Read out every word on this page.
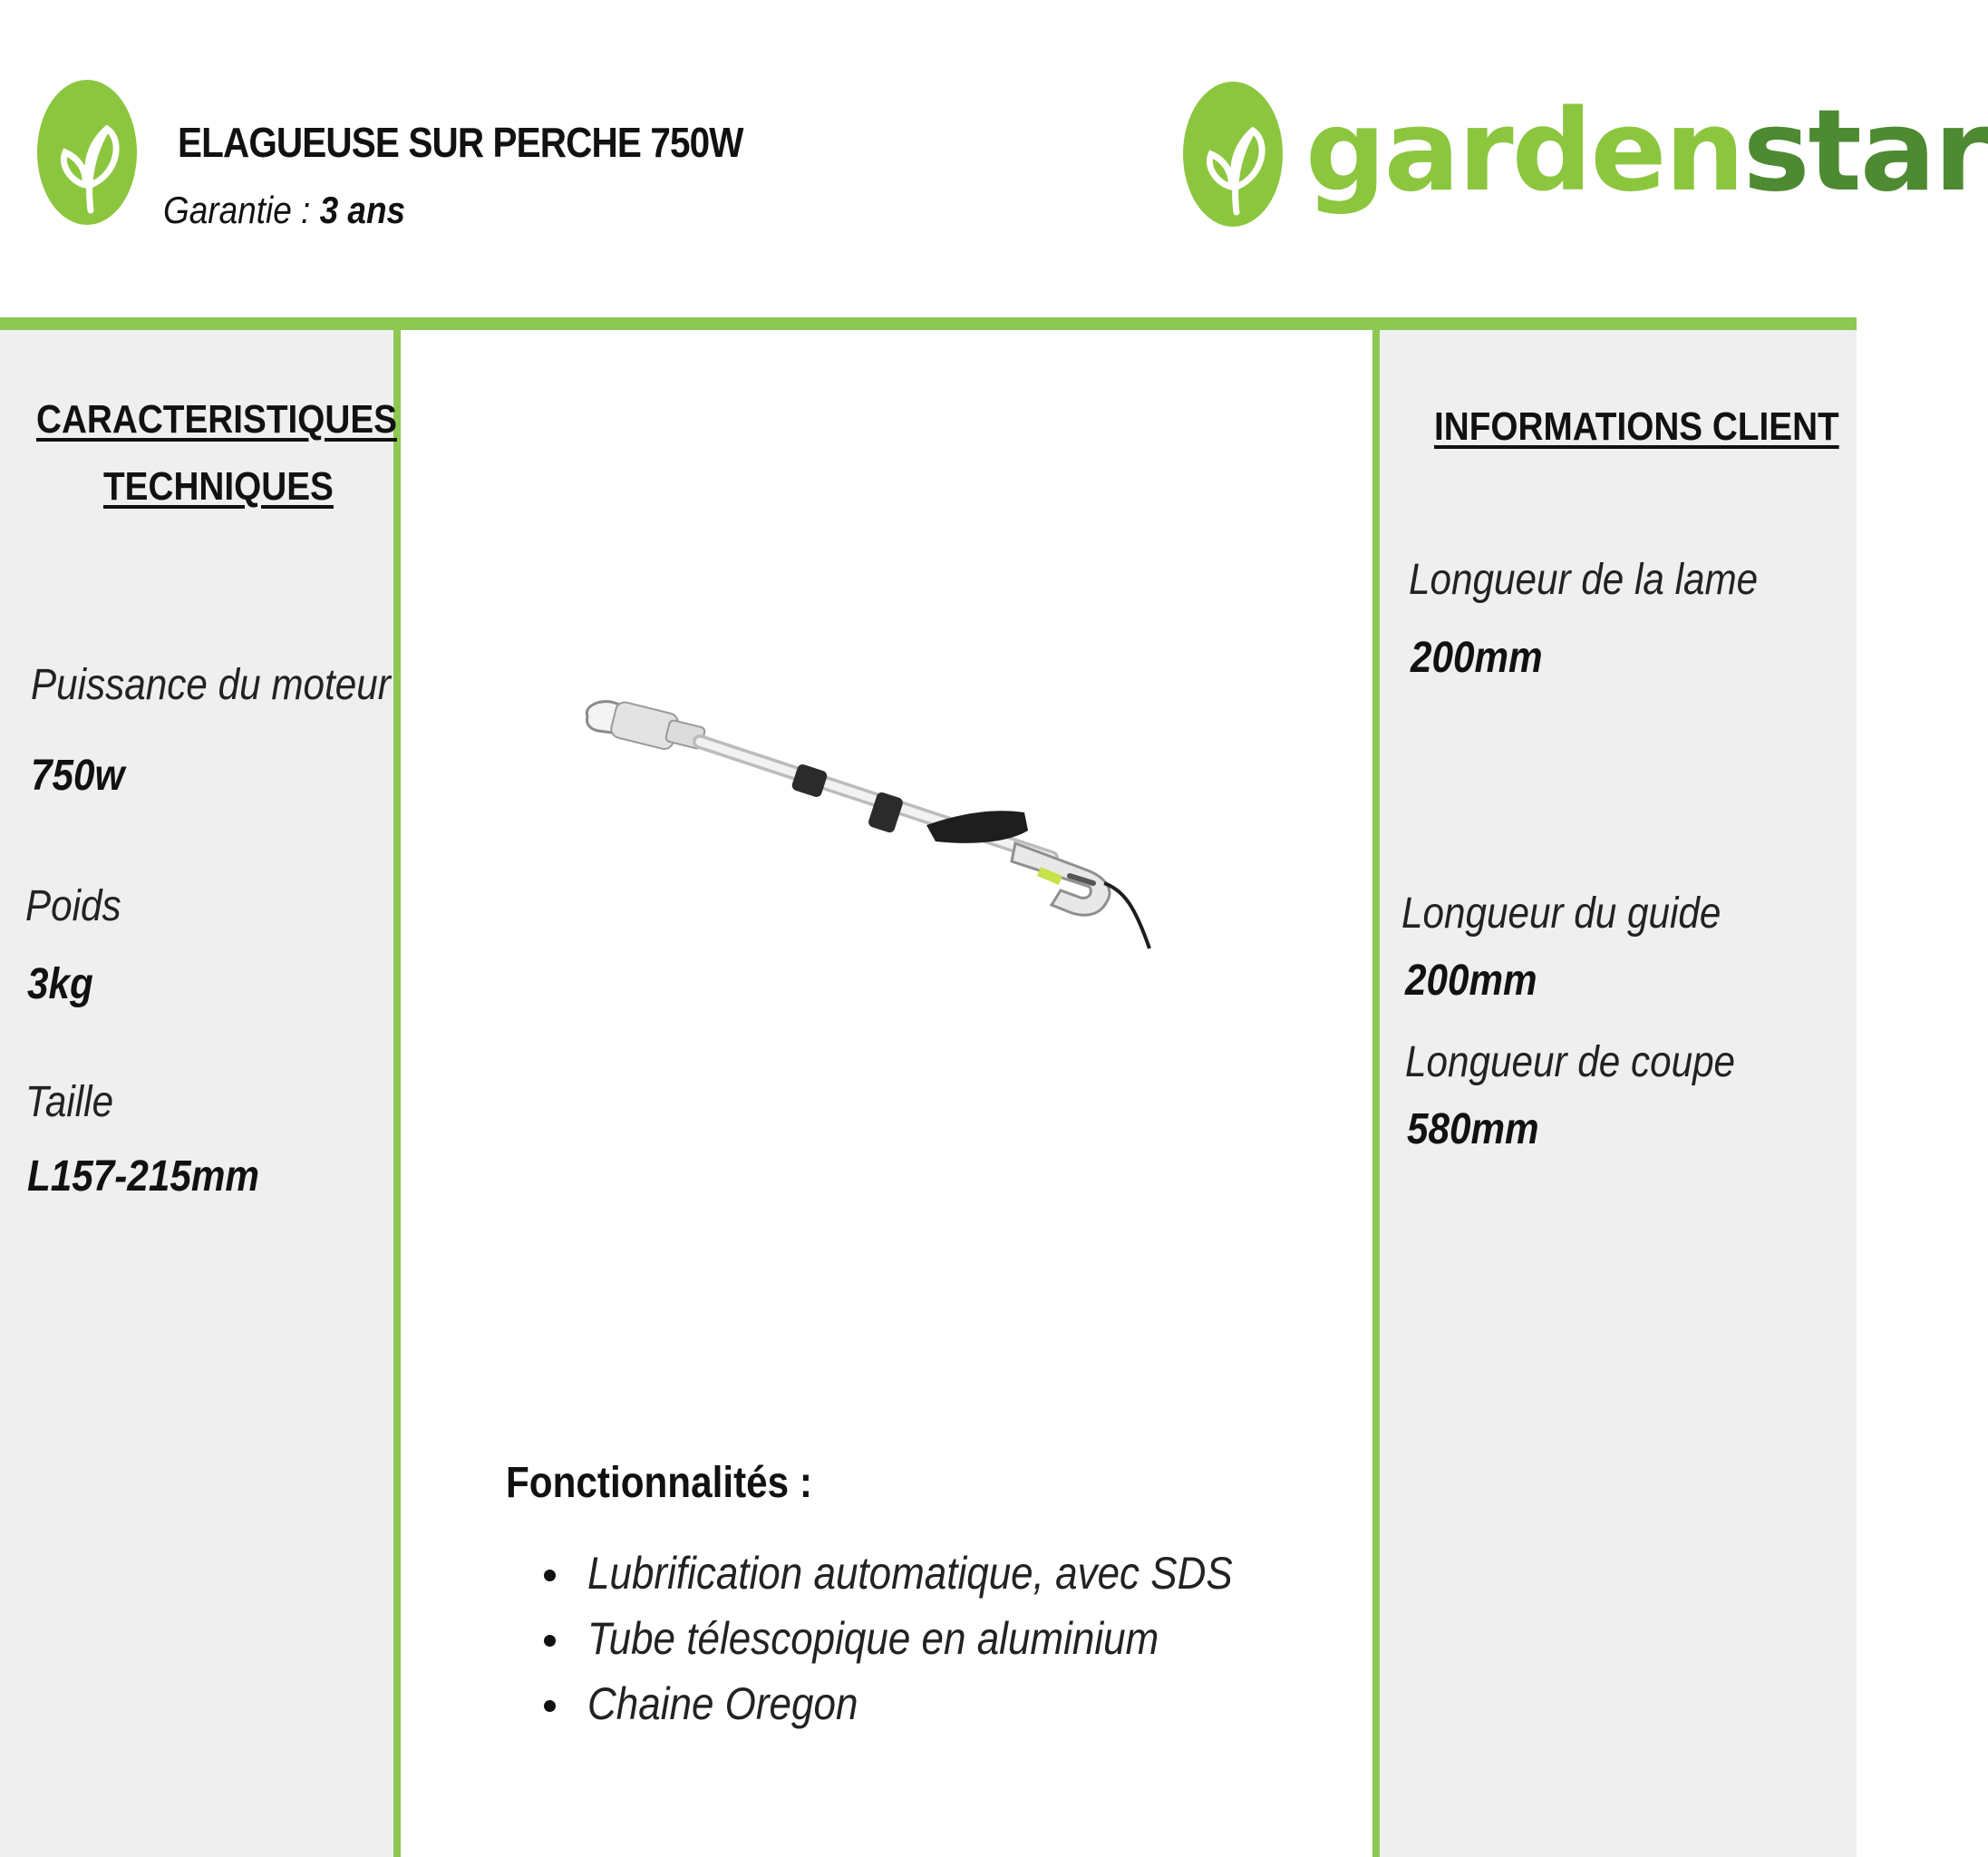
ELAGUEUSE SUR PERCHE 750W
Garantie : 3 ans	gardenstar
CARACTERISTIQUES
TECHNIQUES
Puissance du moteur
750w
Poids
3kg
Taille
L157-215mm
Fonctionnalités :
Lubrification automatique, avec SDS
Tube télescopique en aluminium
Chaine Oregon
INFORMATIONS CLIENT
Longueur de la lame
200mm
Longueur du guide
200mm
Longueur de coupe
580mm
